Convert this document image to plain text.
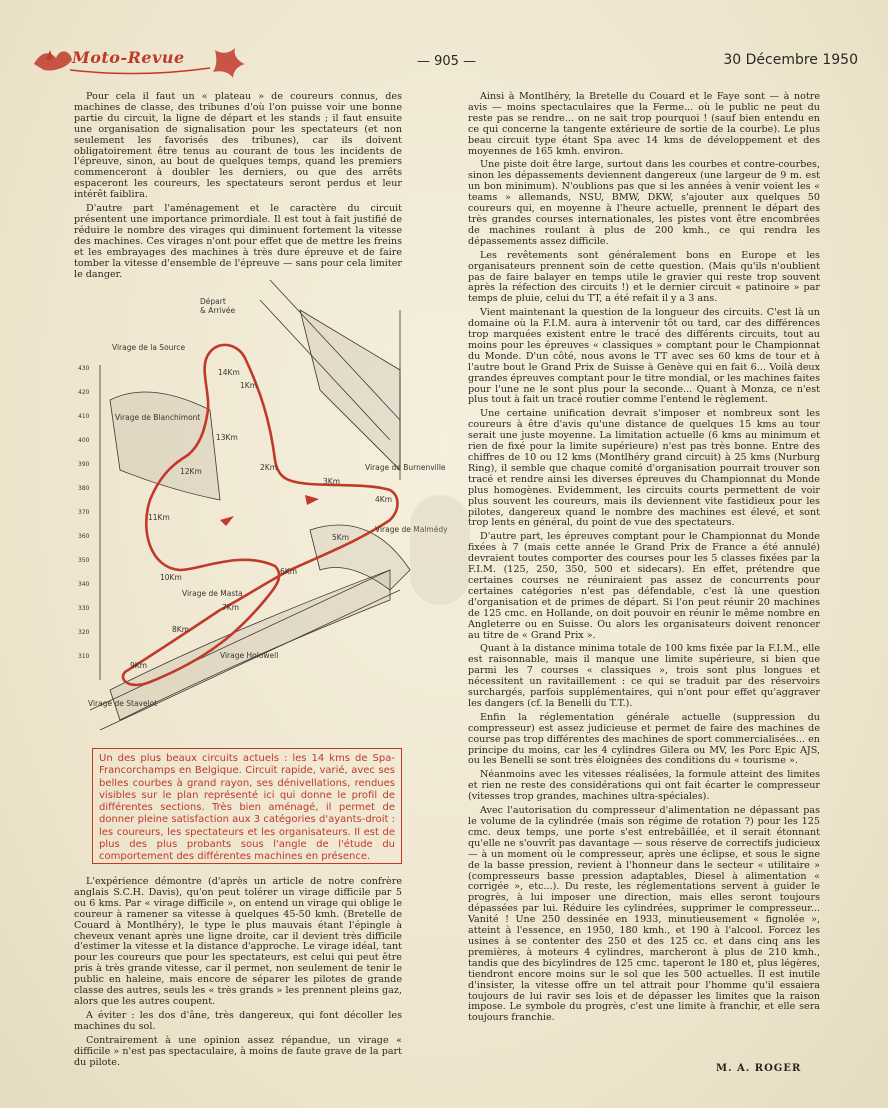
Moto-Revue	— 905 —	30 Décembre 1950

Pour cela il faut un « plateau » de coureurs connus, des machines de classe, des tribunes d'où l'on puisse voir une bonne partie du circuit, la ligne de départ et les stands ; il faut ensuite une organisation de signalisation pour les spectateurs (et non seulement les favorisés des tribunes), car ils doivent obligatoirement être tenus au courant de tous les incidents de l'épreuve, sinon, au bout de quelques temps, quand les premiers commenceront à doubler les derniers, ou que des arrêts espaceront les coureurs, les spectateurs seront perdus et leur intérêt faiblira.

D'autre part l'aménagement et le caractère du circuit présentent une importance primordiale. Il est tout à fait justifié de réduire le nombre des virages qui diminuent fortement la vitesse des machines. Ces virages n'ont pour effet que de mettre les freins et les embrayages des machines à très dure épreuve et de faire tomber la vitesse d'ensemble de l'épreuve — sans pour cela limiter le danger.

Départ
& Arrivée
Virage de la Source
Virage de Blanchimont
Virage de Burnenville
Virage de Malmédy
Virage de Masta
Virage Holowell
Virage de Stavelot
1Km
2Km
3Km
4Km
5Km
6Km
7Km
8Km
9Km
10Km
11Km
12Km
13Km
14Km
430
420
410
400
390
380
370
360
350
340
330
320
310
Un des plus beaux circuits actuels : les 14 kms de Spa-Francorchamps en Belgique. Circuit rapide, varié, avec ses belles courbes à grand rayon, ses dénivellations, rendues visibles sur le plan représenté ici qui donne le profil de différentes sections. Très bien aménagé, il permet de donner pleine satisfaction aux 3 catégories d'ayants-droit : les coureurs, les spectateurs et les organisateurs. Il est de plus des plus probants sous l'angle de l'étude du comportement des différentes machines en présence.

L'expérience démontre (d'après un article de notre confrère anglais S.C.H. Davis), qu'on peut tolérer un virage difficile par 5 ou 6 kms. Par « virage difficile », on entend un virage qui oblige le coureur à ramener sa vitesse à quelques 45-50 kmh. (Bretelle de Couard à Montlhéry), le type le plus mauvais étant l'épingle à cheveux venant après une ligne droite, car il devient très difficile d'estimer la vitesse et la distance d'approche. Le virage idéal, tant pour les coureurs que pour les spectateurs, est celui qui peut être pris à très grande vitesse, car il permet, non seulement de tenir le public en haleine, mais encore de séparer les pilotes de grande classe des autres, seuls les « très grands » les prennent pleins gaz, alors que les autres coupent.

A éviter : les dos d'âne, très dangereux, qui font décoller les machines du sol.

Contrairement à une opinion assez répandue, un virage « difficile » n'est pas spectaculaire, à moins de faute grave de la part du pilote.

Ainsi à Montlhéry, la Bretelle du Couard et le Faye sont — à notre avis — moins spectaculaires que la Ferme... où le public ne peut du reste pas se rendre... on ne sait trop pourquoi ! (sauf bien entendu en ce qui concerne la tangente extérieure de sortie de la courbe). Le plus beau circuit type étant Spa avec 14 kms de développement et des moyennes de 165 kmh. environ.

Une piste doit être large, surtout dans les courbes et contre-courbes, sinon les dépassements deviennent dangereux (une largeur de 9 m. est un bon minimum). N'oublions pas que si les années à venir voient les « teams » allemands, NSU, BMW, DKW, s'ajouter aux quelques 50 coureurs qui, en moyenne à l'heure actuelle, prennent le départ des très grandes courses internationales, les pistes vont être encombrées de machines roulant à plus de 200 kmh., ce qui rendra les dépassements assez difficile.

Les revêtements sont généralement bons en Europe et les organisateurs prennent soin de cette question. (Mais qu'ils n'oublient pas de faire balayer en temps utile le gravier qui reste trop souvent après la réfection des circuits !) et le dernier circuit « patinoire » par temps de pluie, celui du TT, a été refait il y a 3 ans.

Vient maintenant la question de la longueur des circuits. C'est là un domaine où la F.I.M. aura à intervenir tôt ou tard, car des différences trop marquées existent entre le tracé des différents circuits, tout au moins pour les épreuves « classiques » comptant pour le Championnat du Monde. D'un côté, nous avons le TT avec ses 60 kms de tour et à l'autre bout le Grand Prix de Suisse à Genève qui en fait 6... Voilà deux grandes épreuves comptant pour le titre mondial, or les machines faites pour l'une ne le sont plus pour la seconde... Quant à Monza, ce n'est plus tout à fait un tracé routier comme l'entend le règlement.

Une certaine unification devrait s'imposer et nombreux sont les coureurs à être d'avis qu'une distance de quelques 15 kms au tour serait une juste moyenne. La limitation actuelle (6 kms au minimum et rien de fixé pour la limite supérieure) n'est pas très bonne. Entre des chiffres de 10 ou 12 kms (Montlhéry grand circuit) à 25 kms (Nurburg Ring), il semble que chaque comité d'organisation pourrait trouver son tracé et rendre ainsi les diverses épreuves du Championnat du Monde plus homogènes. Evidemment, les circuits courts permettent de voir plus souvent les coureurs, mais ils deviennent vite fastidieux pour les pilotes, dangereux quand le nombre des machines est élevé, et sont trop lents en général, du point de vue des spectateurs.

D'autre part, les épreuves comptant pour le Championnat du Monde fixées à 7 (mais cette année le Grand Prix de France a été annulé) devraient toutes comporter des courses pour les 5 classes fixées par la F.I.M. (125, 250, 350, 500 et sidecars). En effet, prétendre que certaines courses ne réuniraient pas assez de concurrents pour certaines catégories n'est pas défendable, c'est là une question d'organisation et de primes de départ. Si l'on peut réunir 20 machines de 125 cmc. en Hollande, on doit pouvoir en réunir le même nombre en Angleterre ou en Suisse. Ou alors les organisateurs doivent renoncer au titre de « Grand Prix ».

Quant à la distance minima totale de 100 kms fixée par la F.I.M., elle est raisonnable, mais il manque une limite supérieure, si bien que parmi les 7 courses « classiques », trois sont plus longues et nécessitent un ravitaillement : ce qui se traduit par des réservoirs surchargés, parfois supplémentaires, qui n'ont pour effet qu'aggraver les dangers (cf. la Benelli du T.T.).

Enfin la réglementation générale actuelle (suppression du compresseur) est assez judicieuse et permet de faire des machines de course pas trop différentes des machines de sport commercialisées... en principe du moins, car les 4 cylindres Gilera ou MV, les Porc Epic AJS, ou les Benelli se sont très éloignées des conditions du « tourisme ».

Néanmoins avec les vitesses réalisées, la formule atteint des limites et rien ne reste des considérations qui ont fait écarter le compresseur (vitesses trop grandes, machines ultra-spéciales).

Avec l'autorisation du compresseur d'alimentation ne dépassant pas le volume de la cylindrée (mais son régime de rotation ?) pour les 125 cmc. deux temps, une porte s'est entrebâillée, et il serait étonnant qu'elle ne s'ouvrît pas davantage — sous réserve de correctifs judicieux — à un moment où le compresseur, après une éclipse, et sous le signe de la basse pression, revient à l'honneur dans le secteur « utilitaire » (compresseurs basse pression adaptables, Diesel à alimentation « corrigée », etc...). Du reste, les réglementations servent à guider le progrès, à lui imposer une direction, mais elles seront toujours dépassées par lui. Réduire les cylindrées, supprimer le compresseur... Vanité ! Une 250 dessinée en 1933, minutieusement « fignolée », atteint à l'essence, en 1950, 180 kmh., et 190 à l'alcool. Forcez les usines à se contenter des 250 et des 125 cc. et dans cinq ans les premières, à moteurs 4 cylindres, marcheront à plus de 210 kmh., tandis que des bicylindres de 125 cmc. taperont le 180 et, plus légères, tiendront encore moins sur le sol que les 500 actuelles. Il est inutile d'insister, la vitesse offre un tel attrait pour l'homme qu'il essaiera toujours de lui ravir ses lois et de dépasser les limites que la raison impose. Le symbole du progrès, c'est une limite à franchir, et elle sera toujours franchie.

M. A. ROGER
